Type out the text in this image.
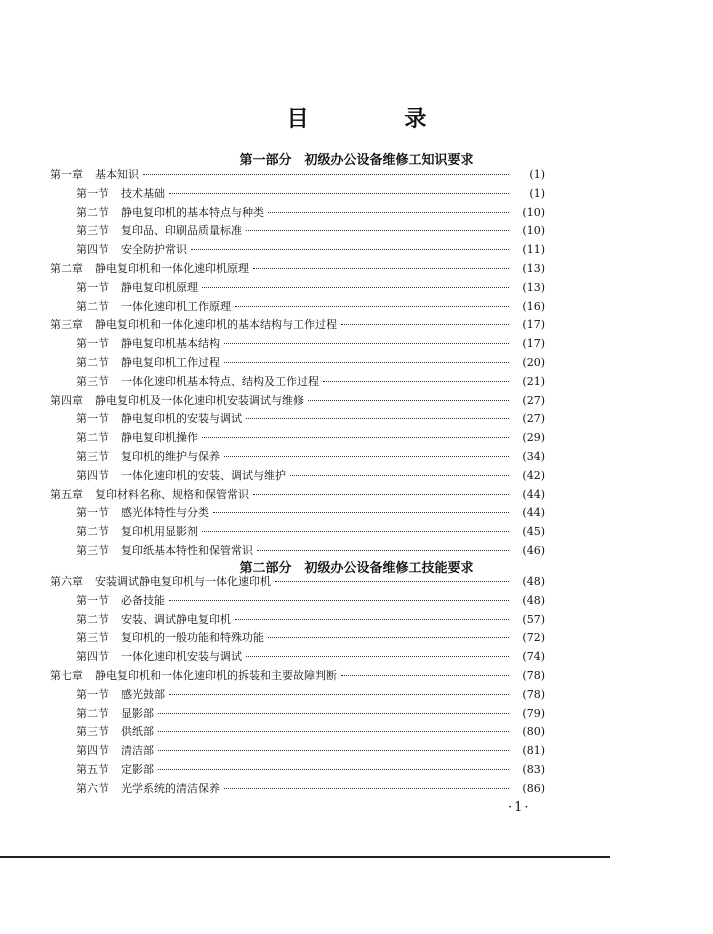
目 录
第一部分　初级办公设备维修工知识要求
第二部分　初级办公设备维修工技能要求
第一章 基本知识	(1)
第一节 技术基础	(1)
第二节 静电复印机的基本特点与种类	(10)
第三节 复印品、印刷品质量标准	(10)
第四节 安全防护常识	(11)
第二章 静电复印机和一体化速印机原理	(13)
第一节 静电复印机原理	(13)
第二节 一体化速印机工作原理	(16)
第三章 静电复印机和一体化速印机的基本结构与工作过程	(17)
第一节 静电复印机基本结构	(17)
第二节 静电复印机工作过程	(20)
第三节 一体化速印机基本特点、结构及工作过程	(21)
第四章 静电复印机及一体化速印机安装调试与维修	(27)
第一节 静电复印机的安装与调试	(27)
第二节 静电复印机操作	(29)
第三节 复印机的维护与保养	(34)
第四节 一体化速印机的安装、调试与维护	(42)
第五章 复印材料名称、规格和保管常识	(44)
第一节 感光体特性与分类	(44)
第二节 复印机用显影剂	(45)
第三节 复印纸基本特性和保管常识	(46)
第六章 安装调试静电复印机与一体化速印机	(48)
第一节 必备技能	(48)
第二节 安装、调试静电复印机	(57)
第三节 复印机的一般功能和特殊功能	(72)
第四节 一体化速印机安装与调试	(74)
第七章 静电复印机和一体化速印机的拆装和主要故障判断	(78)
第一节 感光鼓部	(78)
第二节 显影部	(79)
第三节 供纸部	(80)
第四节 清洁部	(81)
第五节 定影部	(83)
第六节 光学系统的清洁保养	(86)
·1·
